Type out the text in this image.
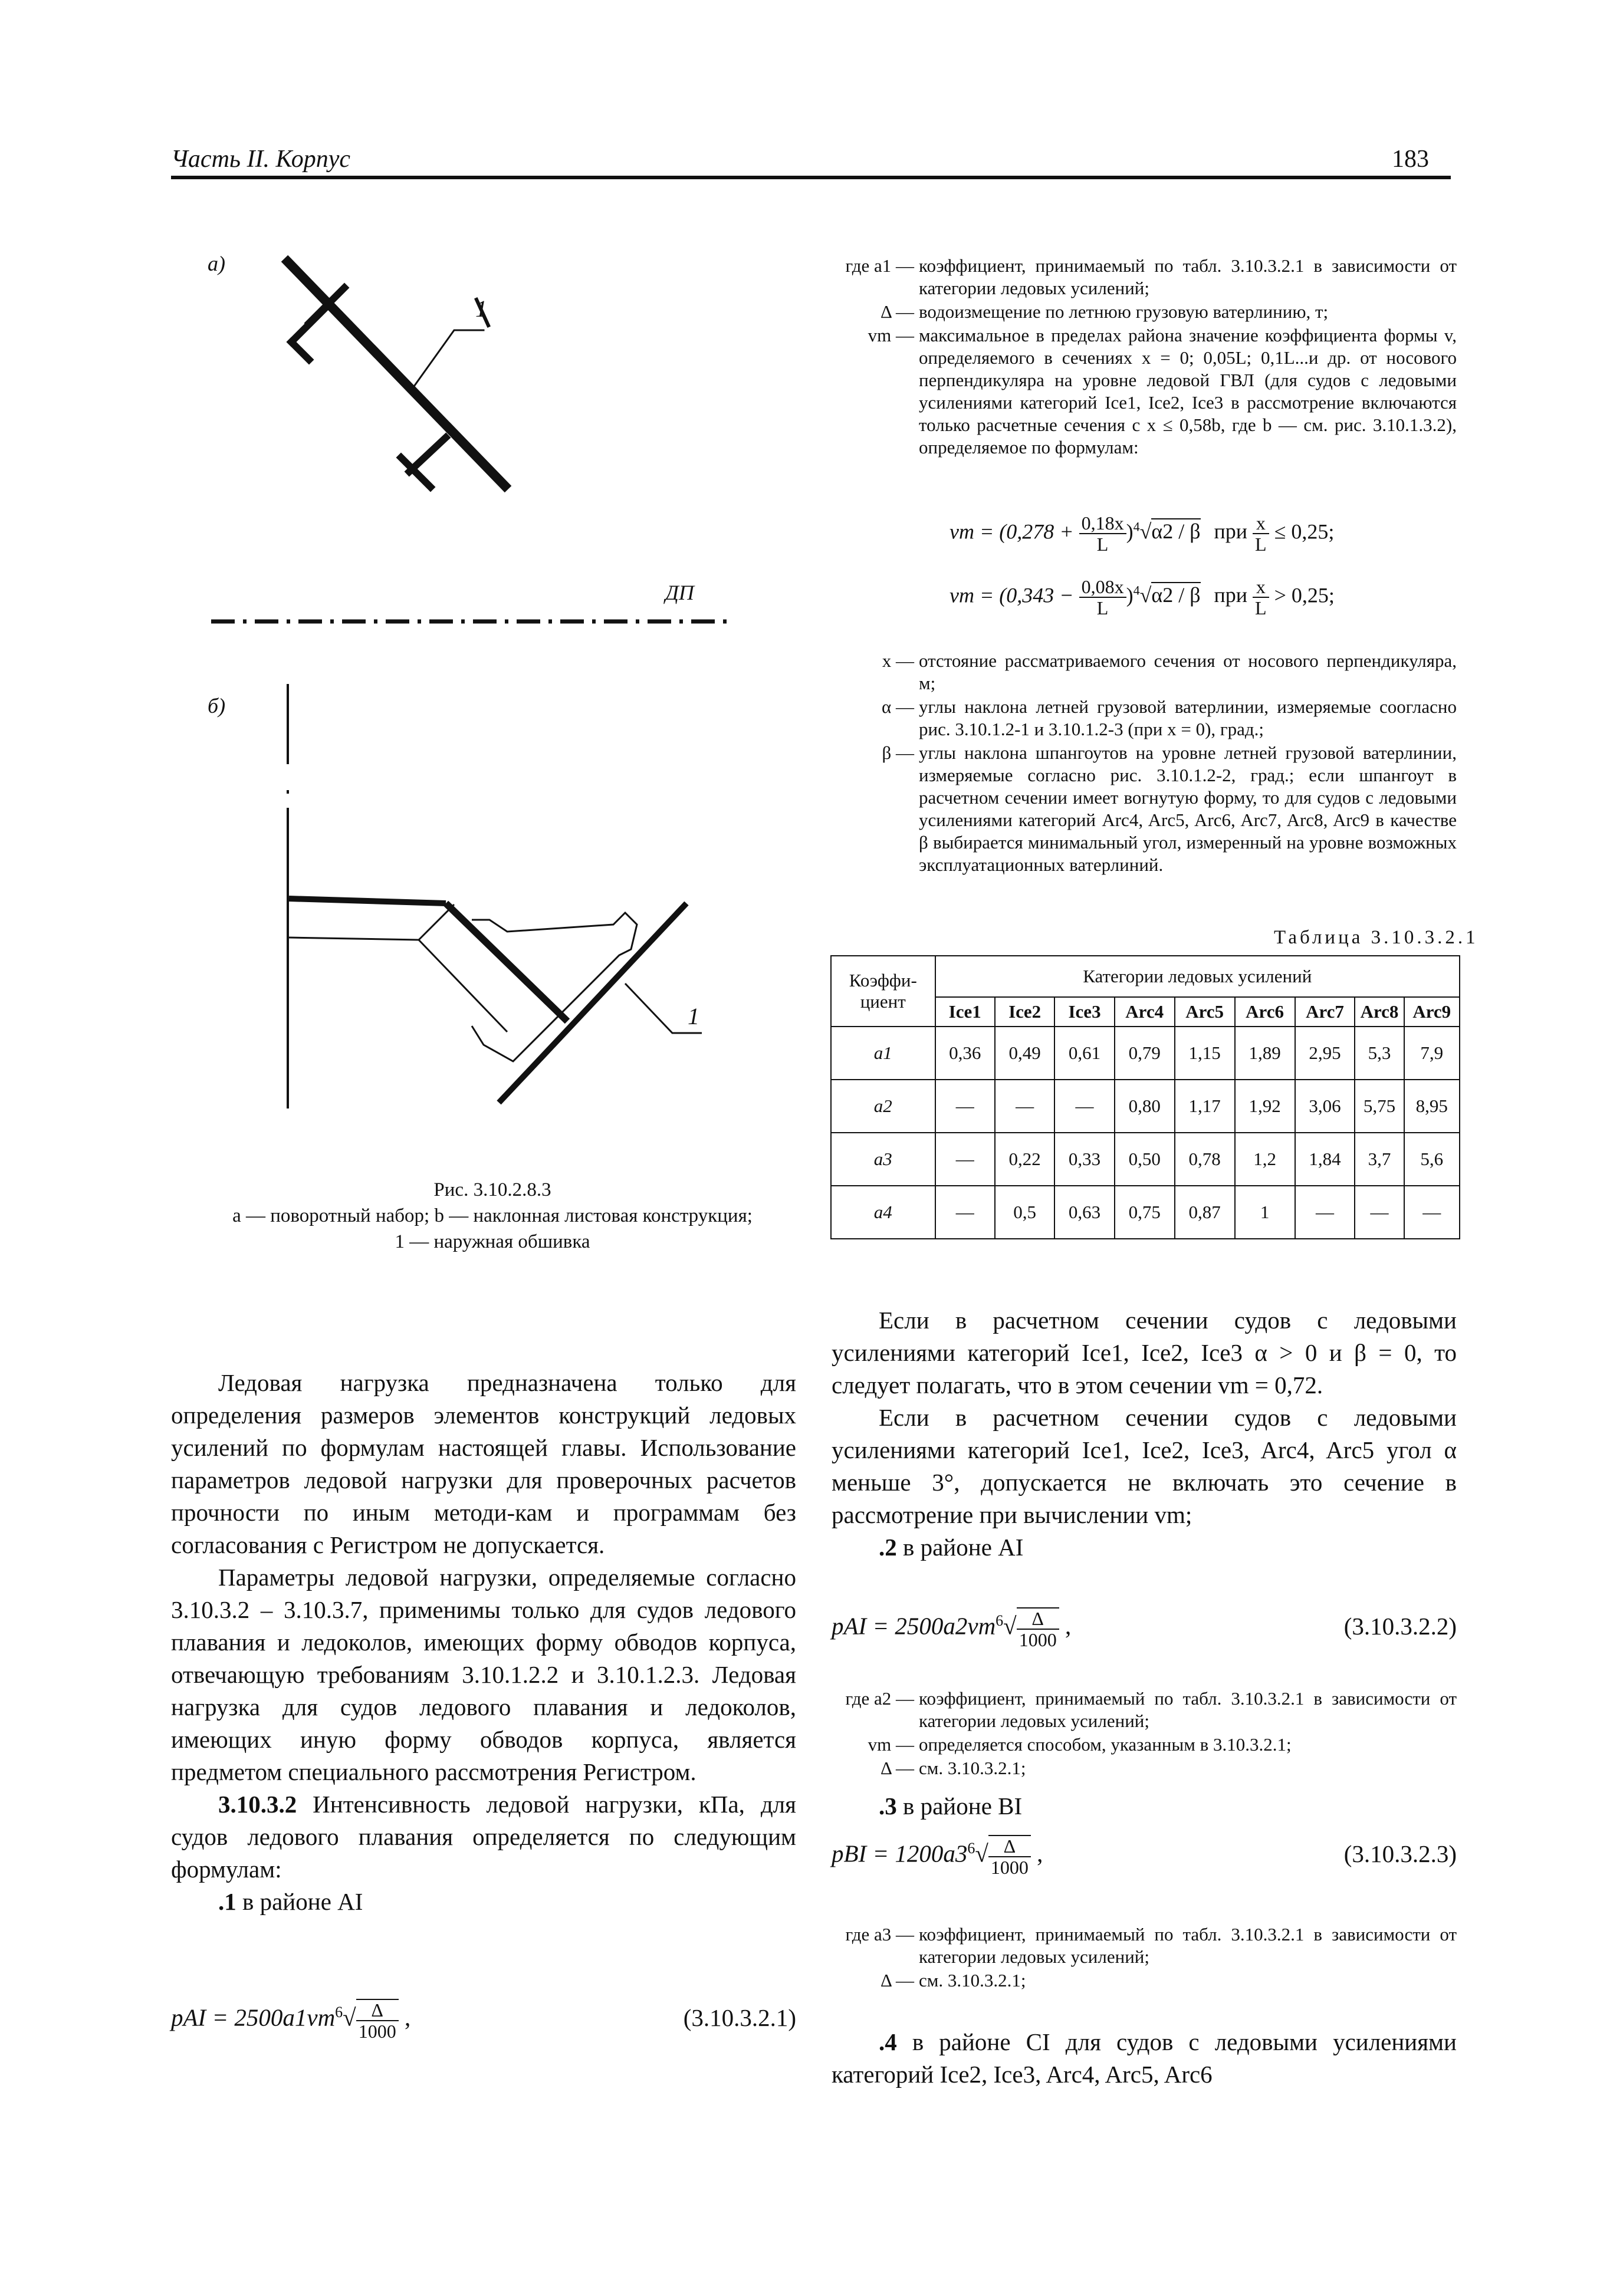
Часть II. Корпус	183
а)
б)
ДП
1
1
Рис. 3.10.2.8.3
а — поворотный набор; b — наклонная листовая конструкция;
1 — наружная обшивка
где a1 — коэффициент, принимаемый по табл. 3.10.3.2.1 в зависимости от категории ледовых усилений;
Δ — водоизмещение по летнюю грузовую ватерлинию, т;
vm — максимальное в пределах района значение коэффициента формы v, определяемого в сечениях x = 0; 0,05L; 0,1L...и др. от носового перпендикуляра на уровне ледовой ГВЛ (для судов с ледовыми усилениями категорий Ice1, Ice2, Ice3 в рассмотрение включаются только расчетные сечения с x ≤ 0,58b, где b — см. рис. 3.10.1.3.2), определяемое по формулам:
vm = $(0,278 + \frac{0,18x}{L} )^4√\alpha 2 / \beta$ при $\frac{x}{L} \le 0,25$;
vm = $(0,343 - \frac{0,08x}{L} )^4√\alpha 2 / \beta$ при $\frac{x}{L} > 0,25$;
x — отстояние рассматриваемого сечения от носового перпендикуляра, м;
α — углы наклона летней грузовой ватерлинии, измеряемые соогласно рис. 3.10.1.2-1 и 3.10.1.2-3 (при x = 0), град.;
β — углы наклона шпангоутов на уровне летней грузовой ватерлинии, измеряемые согласно рис. 3.10.1.2-2, град.; если шпангоут в расчетном сечении имеет вогнутую форму, то для судов с ледовыми усилениями категорий Arc4, Arc5, Arc6, Arc7, Arc8, Arc9 в качестве β выбирается минимальный угол, измеренный на уровне возможных эксплуатационных ватерлиний.
Таблица 3.10.3.2.1
Коэффи-
циент	Категории ледовых усилений								
	Ice1	Ice2	Ice3	Arc4	Arc5	Arc6	Arc7	Arc8	Arc9
a1	0,36	0,49	0,61	0,79	1,15	1,89	2,95	5,3	7,9
a2	—	—	—	0,80	1,17	1,92	3,06	5,75	8,95
a3	—	0,22	0,33	0,50	0,78	1,2	1,84	3,7	5,6
a4	—	0,5	0,63	0,75	0,87	1	—	—	—

Ледовая нагрузка предназначена только для определения размеров элементов конструкций ледовых усилений по формулам настоящей главы. Использование параметров ледовой нагрузки для проверочных расчетов прочности по иным методи-кам и программам без согласования с Регистром не допускается.

Параметры ледовой нагрузки, определяемые согласно 3.10.3.2 – 3.10.3.7, применимы только для судов ледового плавания и ледоколов, имеющих форму обводов корпуса, отвечающую требованиям 3.10.1.2.2 и 3.10.1.2.3. Ледовая нагрузка для судов ледового плавания и ледоколов, имеющих иную форму обводов корпуса, является предметом специального рассмотрения Регистром.

3.10.3.2 Интенсивность ледовой нагрузки, кПа, для судов ледового плавания определяется по следующим формулам:

.1 в районе AI

pAI = $2500a1vm^6√ \frac{\Delta}{1000}$ ,	(3.10.3.2.1)

Если в расчетном сечении судов с ледовыми усилениями категорий Ice1, Ice2, Ice3 α > 0 и β = 0, то следует полагать, что в этом сечении vm = 0,72.

Если в расчетном сечении судов с ледовыми усилениями категорий Ice1, Ice2, Ice3, Arc4, Arc5 угол α меньше 3°, допускается не включать это сечение в рассмотрение при вычислении vm;

.2 в районе AI

pAI = $2500a2vm^6√ \frac{\Delta}{1000}$ ,	(3.10.3.2.2)
где a2 — коэффициент, принимаемый по табл. 3.10.3.2.1 в зависимости от категории ледовых усилений;
vm — определяется способом, указанным в 3.10.3.2.1;
Δ — см. 3.10.3.2.1;

.3 в районе BI

pBI = $1200a3^6√ \frac{\Delta}{1000}$ ,	(3.10.3.2.3)
где a3 — коэффициент, принимаемый по табл. 3.10.3.2.1 в зависимости от категории ледовых усилений;
Δ — см. 3.10.3.2.1;

.4 в районе CI для судов с ледовыми усилениями категорий Ice2, Ice3, Arc4, Arc5, Arc6
